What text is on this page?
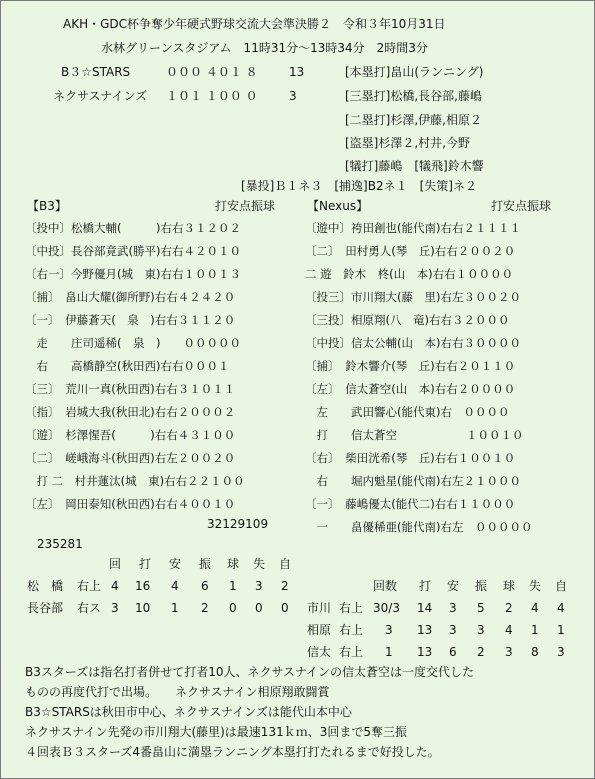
AKH・GDC杯争奪少年硬式野球交流大会準決勝２　令和３年10月31日
水林グリーンスタジアム　11時31分～13時34分　2時間3分
B３☆STARS	０００ ４０１ ８	13
ネクサスナインズ １０１ １００ ０	3
[本塁打]畠山(ランニング)
[三塁打]松橋,長谷部,藤嶋
[二塁打]杉澤,伊藤,相原２
[盗塁]杉澤２,村井,今野
[犠打]藤嶋　[犠飛]鈴木響
[暴投]Ｂ１ネ３　[捕逸]B2ネ１　[失策]ネ２
【B3】	打安点振球
〔投中〕松橋大輔(　　　)右右３１２０２
〔中投〕長谷部竟武(勝平)右右４２０１０
〔右一〕今野優月(城　東)右右１００１３
〔捕〕　畠山大耀(御所野)右右４２４２０
〔一〕　伊藤蒼天(　泉　)右右３１１２０
　走　　庄司遥稀(　泉　)　　０００００
　右　　高橋静空(秋田西)右右０００１
〔三〕　荒川一真(秋田西)右右３１０１１
〔指〕　岩城大我(秋田北)右右２０００２
〔遊〕　杉澤惺吾(　　　)右右４３１００
〔二〕　嵯峨海斗(秋田西)右左２００２０
　打 二　村井蓮汰(城　東)右右２２１００
〔左〕　岡田泰知(秋田西)右右４００１０
32129109
235281
【Nexus】	打安点振球
〔遊中〕袴田創也(能代南)右右２１１１１
〔二〕　田村勇人(琴　丘)右右２００２０
二 遊　鈴木　柊(山　本)右右１００００
〔投三〕市川翔大(藤　里)右左３００２０
〔三投〕相原翔(八　竜)右右３２０００
〔中投〕信太公輔(山　本)右右３００００
〔捕〕　鈴木響介(琴　丘)右右２０１１０
〔左〕　信太蒼空(山　本)右右２００００
　左　　武田響心(能代東)右　００００
　打　　信太蒼空　　　　　　１００１０
〔右〕　柴田洸希(琴　丘)右右１００１０
　右　　堀内魁星(能代南)右左２１０００
〔一〕　藤嶋優太(能代二)右右１１０００
　一　　畠優稀亜(能代南)右左　０００００
回 打 安 振 球 失 自
松　橋 右上 4 16 4 6 1 3 2
長谷部 右ス 3 10 1 2 0 0 0
回数 打 安 振 球 失 自
市川 右上 30/3 14 3 5 2 4 4
相原 右上 3 13 3 3 4 1 1
信太 右上 1 13 6 2 3 8 3
B3スターズは指名打者併せて打者10人、ネクサスナインの信太蒼空は一度交代した
ものの再度代打で出場。　　ネクサスナイン相原翔敢闘賞
B3☆STARSは秋田市中心、ネクサスナインズは能代山本中心
ネクサスナイン先発の市川翔大(藤里)は最速131ｋｍ、3回まで5奪三振
４回表Ｂ３スターズ4番畠山に満塁ランニング本塁打打たれるまで好投した。
